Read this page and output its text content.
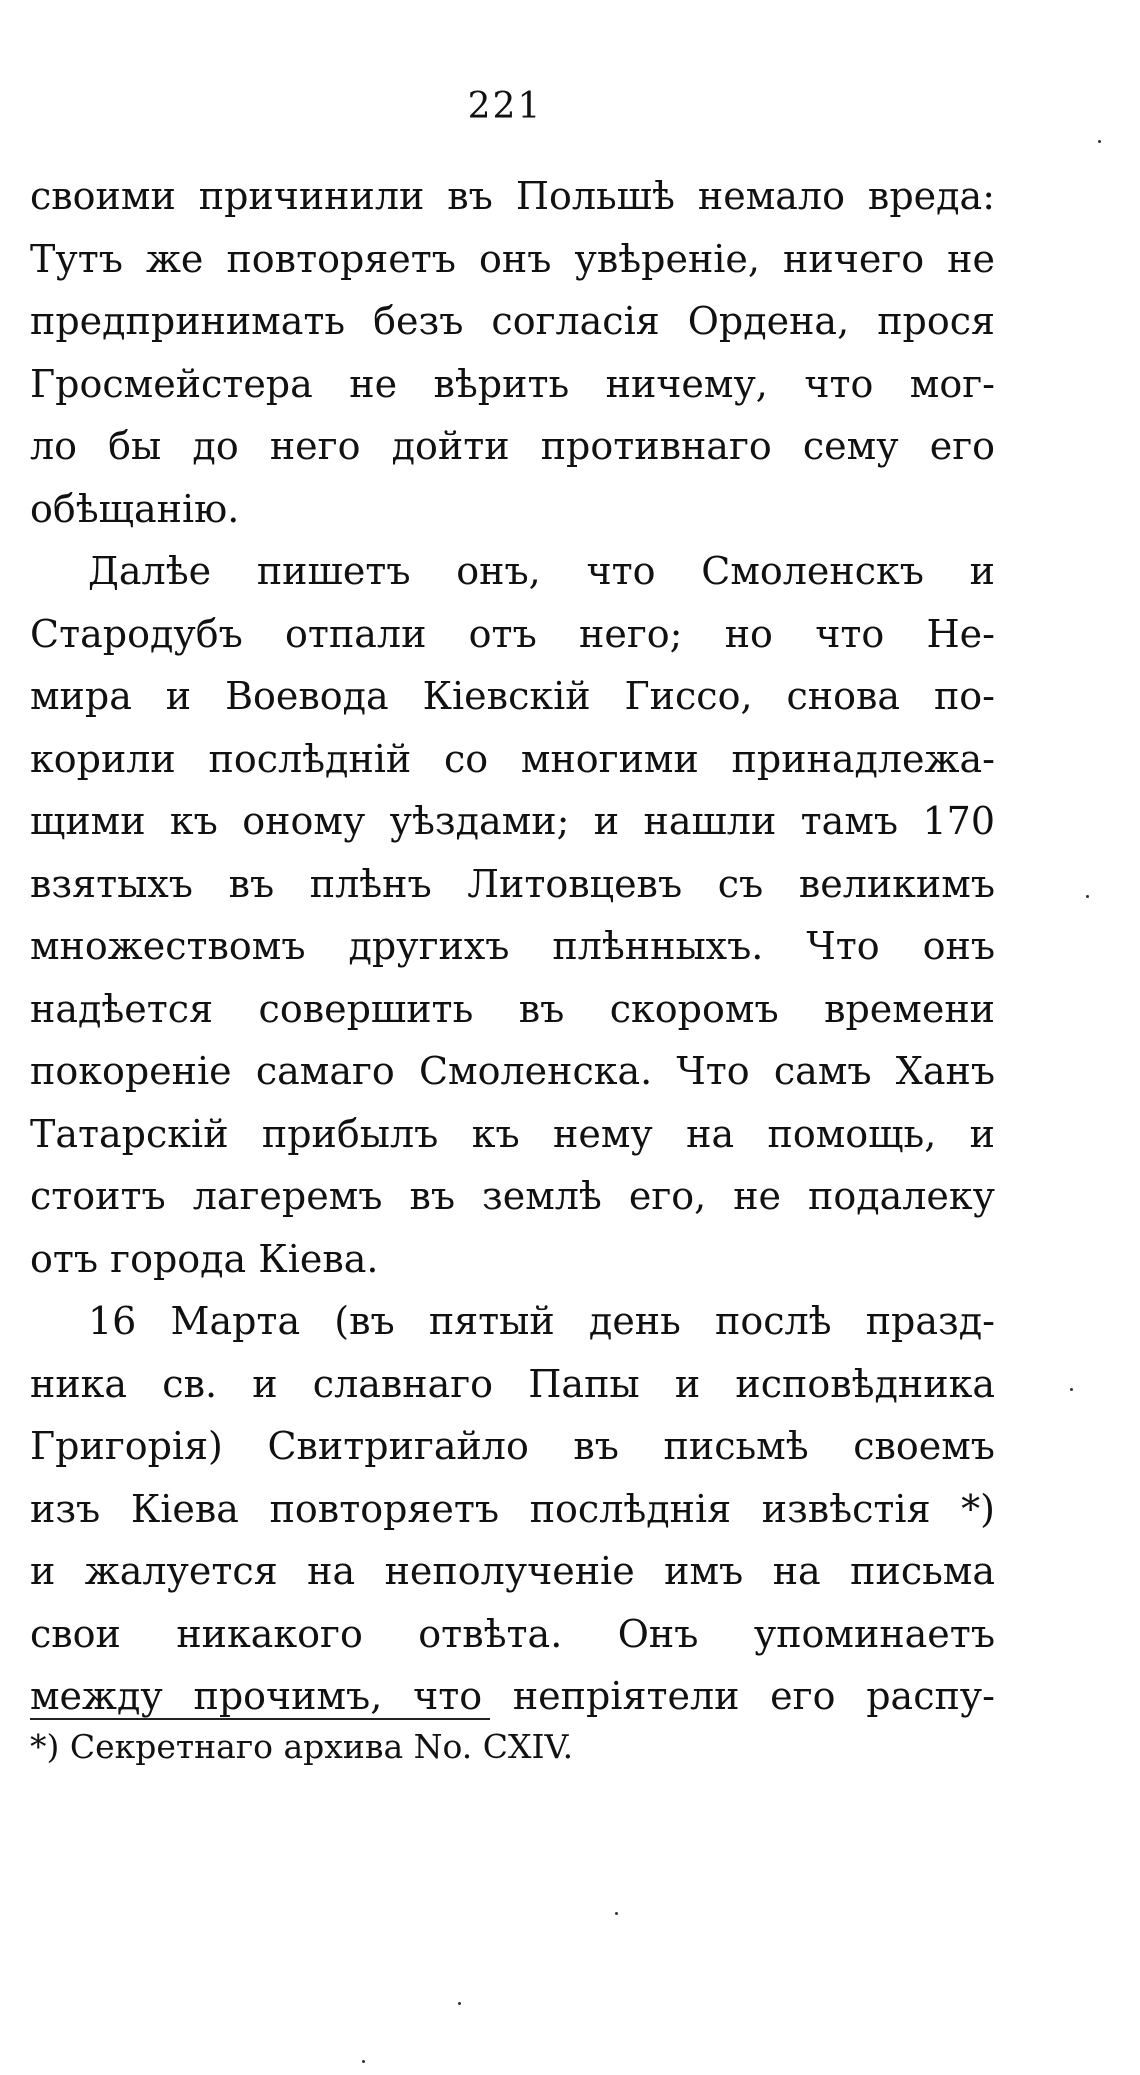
221
своими причинили въ Польшѣ немало вреда:
Тутъ же повторяетъ онъ увѣреніе, ничего не
предпринимать безъ согласія Ордена, прося
Гросмейстера не вѣрить ничему, что мог-
ло бы до него дойти противнаго сему его
обѣщанію.
Далѣе пишетъ онъ, что Смоленскъ и
Стародубъ отпали отъ него; но что Не-
мира и Воевода Кіевскій Гиссо, снова по-
корили послѣдній со многими принадлежа-
щими къ оному уѣздами; и нашли тамъ 170
взятыхъ въ плѣнъ Литовцевъ съ великимъ
множествомъ другихъ плѣнныхъ. Что онъ
надѣется совершить въ скоромъ времени
покореніе самаго Смоленска. Что самъ Ханъ
Татарскій прибылъ къ нему на помощь, и
стоитъ лагеремъ въ землѣ его, не подалеку
отъ города Кіева.
16 Марта (въ пятый день послѣ празд-
ника св. и славнаго Папы и исповѣдника
Григорія) Свитригайло въ письмѣ своемъ
изъ Кіева повторяетъ послѣднія извѣстія *)
и жалуется на неполученіе имъ на письма
свои никакого отвѣта. Онъ упоминаетъ
между прочимъ, что непріятели его распу-
*) Секретнаго архива No. CXIV.
